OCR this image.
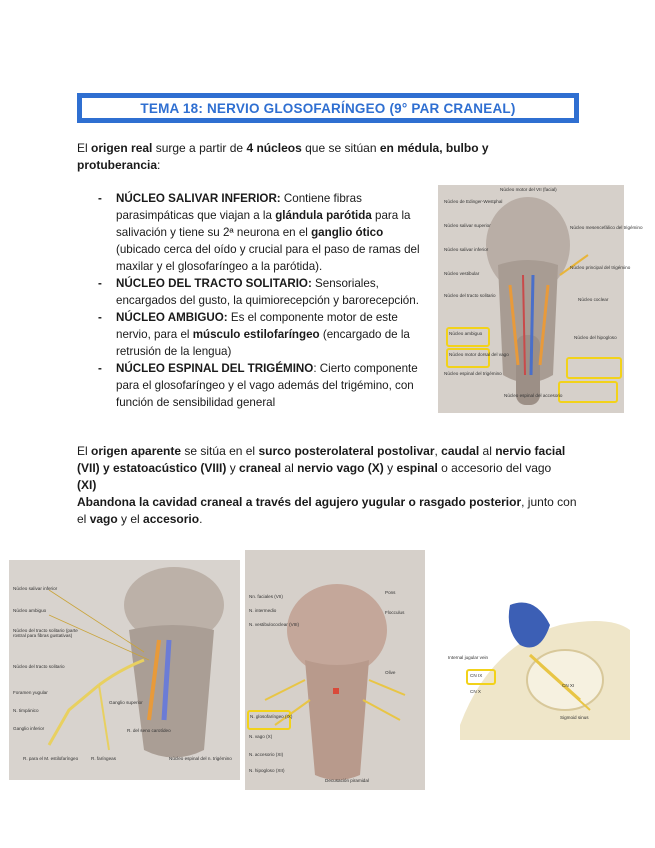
TEMA 18: NERVIO GLOSOFARÍNGEO (9° PAR CRANEAL)
El origen real surge a partir de 4 núcleos que se sitúan en médula, bulbo y protuberancia:
- NÚCLEO SALIVAR INFERIOR: Contiene fibras parasimpáticas que viajan a la glándula parótida para la salivación y tiene su 2ª neurona en el ganglio ótico (ubicado cerca del oído y crucial para el paso de ramas del maxilar y el glosofaríngeo a la parótida).
- NÚCLEO DEL TRACTO SOLITARIO: Sensoriales, encargados del gusto, la quimiorecepción y barorecepción.
- NÚCLEO AMBIGUO: Es el componente motor de este nervio, para el músculo estilofaríngeo (encargado de la retrusión de la lengua)
- NÚCLEO ESPINAL DEL TRIGÉMINO: Cierto componente para el glosofaríngeo y el vago además del trigémino, con función de sensibilidad general
Núcleo motor del VII (facial)
Núcleo de Edinger-Westphal
Núcleo salivar superior
Núcleo salivar inferior
Núcleo vestibular
Núcleo del tracto solitario
Núcleo ambiguo
Núcleo motor dorsal del vago
Núcleo espinal del trigémino
Núcleo mesencefálico del trigémino
Núcleo principal del trigémino
Núcleo coclear
Núcleo del hipogloso
Núcleo espinal del accesorio
El origen aparente se sitúa en el surco posterolateral postolivar, caudal al nervio facial (VII) y estatoacústico (VIII) y craneal al nervio vago (X) y espinal o accesorio del vago (XI)
Abandona la cavidad craneal a través del agujero yugular o rasgado posterior, junto con el vago y el accesorio.
Núcleo salivar inferior
Núcleo ambiguo
Núcleo del tracto solitario (parte rostral para fibras gustativas)
Núcleo del tracto solitario
Foramen yugular
N. timpánico
Ganglio inferior
Ganglio superior
R. del seno carotídeo
R. faríngeas
R. para el M. estilofaríngeo	Núcleo espinal del n. trigémino
Nn. faciales (VII)
N. intermedio
N. vestibulococlear (VIII)
N. glosofaríngeo (IX)
N. vago (X)
N. accesorio (XI)
N. hipogloso (XII)
Pons
Flocculus
Olive
Decusación piramidal
Internal jugular vein
CN IX
CN X
CN XI
Sigmoid sinus
